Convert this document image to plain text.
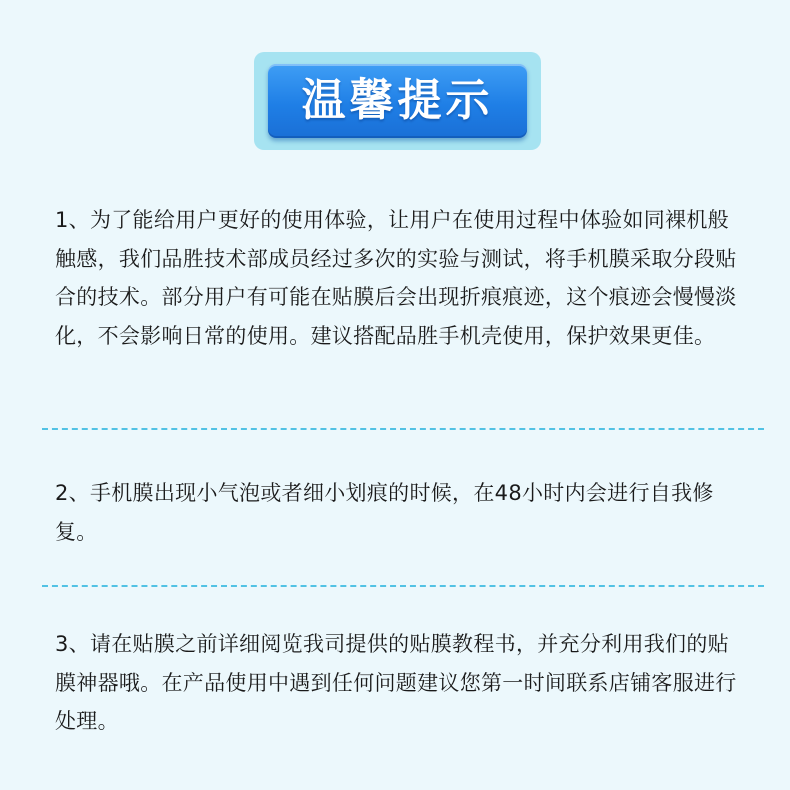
温馨提示

1、为了能给用户更好的使用体验，让用户在使用过程中体验如同裸机般触感，我们品胜技术部成员经过多次的实验与测试，将手机膜采取分段贴合的技术。部分用户有可能在贴膜后会出现折痕痕迹，这个痕迹会慢慢淡化，不会影响日常的使用。建议搭配品胜手机壳使用，保护效果更佳。

2、手机膜出现小气泡或者细小划痕的时候，在48小时内会进行自我修复。

3、请在贴膜之前详细阅览我司提供的贴膜教程书，并充分利用我们的贴膜神器哦。在产品使用中遇到任何问题建议您第一时间联系店铺客服进行处理。
